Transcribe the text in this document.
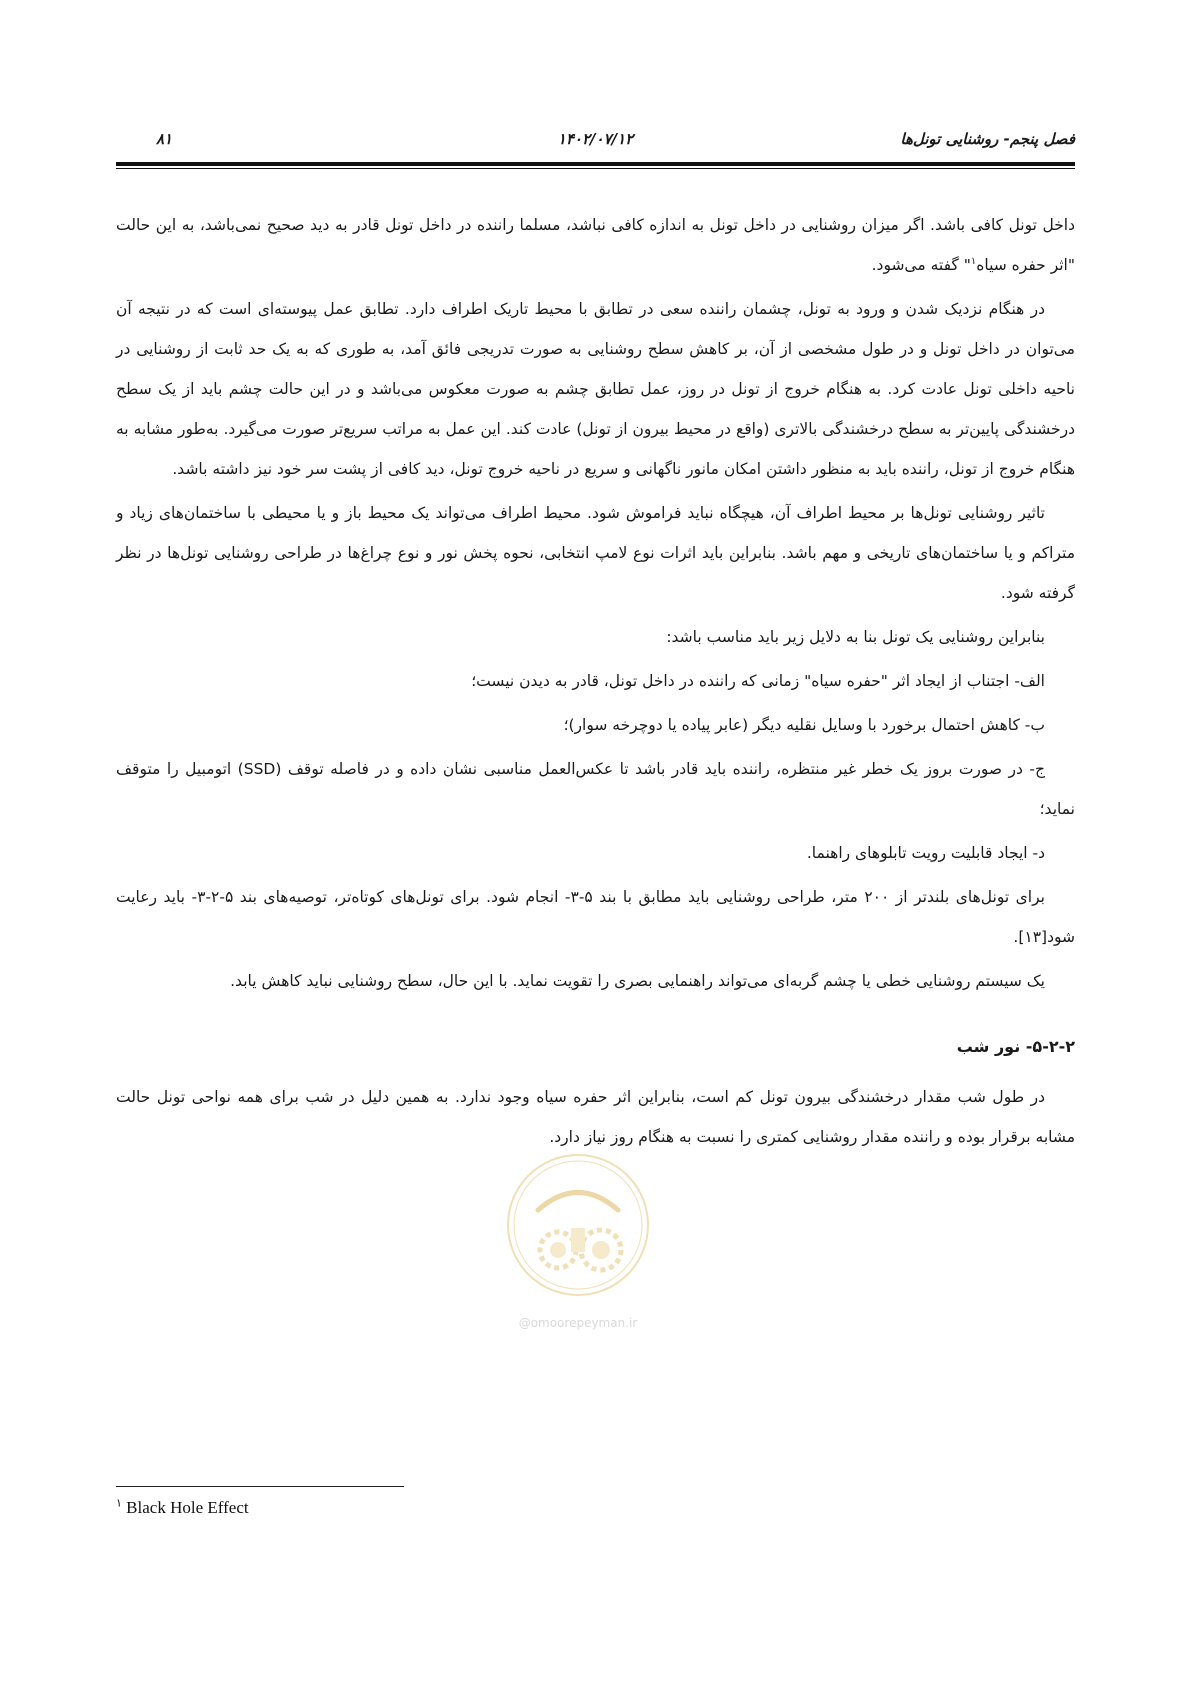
فصل پنجم- روشنایی تونل‌ها
۱۴۰۲/۰۷/۱۲
۸۱

داخل تونل کافی باشد. اگر میزان روشنایی در داخل تونل به اندازه کافی نباشد، مسلما راننده در داخل تونل قادر به دید صحیح نمی‌باشد، به این حالت "اثر حفره سیاه$^۱$" گفته می‌شود.

در هنگام نزدیک شدن و ورود به تونل، چشمان راننده سعی در تطابق با محیط تاریک اطراف دارد. تطابق عمل پیوسته‌ای است که در نتیجه آن می‌توان در داخل تونل و در طول مشخصی از آن، بر کاهش سطح روشنایی به صورت تدریجی فائق آمد، به طوری که به یک حد ثابت از روشنایی در ناحیه داخلی تونل عادت کرد. به هنگام خروج از تونل در روز، عمل تطابق چشم به صورت معکوس می‌باشد و در این حالت چشم باید از یک سطح درخشندگی پایین‌تر به سطح درخشندگی بالاتری (واقع در محیط بیرون از تونل) عادت کند. این عمل به مراتب سریع‌تر صورت می‌گیرد. به‌طور مشابه به هنگام خروج از تونل، راننده باید به منظور داشتن امکان مانور ناگهانی و سریع در ناحیه خروج تونل، دید کافی از پشت سر خود نیز داشته باشد.

تاثیر روشنایی تونل‌ها بر محیط اطراف آن، هیچگاه نباید فراموش شود. محیط اطراف می‌تواند یک محیط باز و یا محیطی با ساختمان‌های زیاد و متراکم و یا ساختمان‌های تاریخی و مهم باشد. بنابراین باید اثرات نوع لامپ انتخابی، نحوه پخش نور و نوع چراغ‌ها در طراحی روشنایی تونل‌ها در نظر گرفته شود.

بنابراین روشنایی یک تونل بنا به دلایل زیر باید مناسب باشد:

الف- اجتناب از ایجاد اثر "حفره سیاه" زمانی که راننده در داخل تونل، قادر به دیدن نیست؛

ب- کاهش احتمال برخورد با وسایل نقلیه دیگر (عابر پیاده یا دوچرخه سوار)؛

ج- در صورت بروز یک خطر غیر منتظره، راننده باید قادر باشد تا عکس‌العمل مناسبی نشان داده و در فاصله توقف (SSD) اتومبیل را متوقف نماید؛

د- ایجاد قابلیت رویت تابلوهای راهنما.

برای تونل‌های بلندتر از ۲۰۰ متر، طراحی روشنایی باید مطابق با بند ۵-۳- انجام شود. برای تونل‌های کوتاه‌تر، توصیه‌های بند ۵-۲-۳- باید رعایت شود[۱۳].

یک سیستم روشنایی خطی یا چشم گربه‌ای می‌تواند راهنمایی بصری را تقویت نماید. با این حال، سطح روشنایی نباید کاهش یابد.

۵-۲-۲- نور شب

در طول شب مقدار درخشندگی بیرون تونل کم است، بنابراین اثر حفره سیاه وجود ندارد. به همین دلیل در شب برای همه نواحی تونل حالت مشابه برقرار بوده و راننده مقدار روشنایی کمتری را نسبت به هنگام روز نیاز دارد.

@omoorepeyman.ir
$^۱$ Black Hole Effect
